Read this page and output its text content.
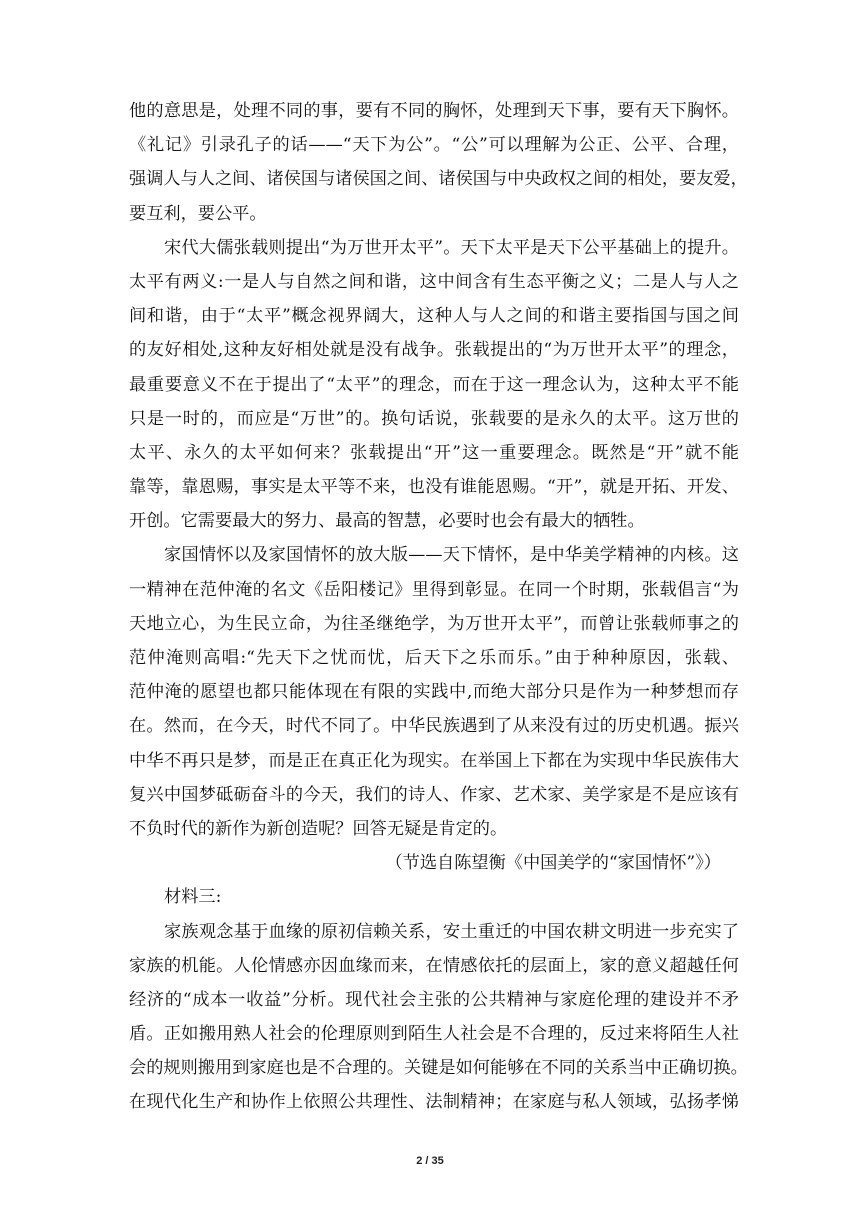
他的意思是，处理不同的事，要有不同的胸怀，处理到天下事，要有天下胸怀。
《礼记》引录孔子的话——“天下为公”。“公”可以理解为公正、公平、合理，
强调人与人之间、诸侯国与诸侯国之间、诸侯国与中央政权之间的相处，要友爱，
要互利，要公平。
宋代大儒张载则提出“为万世开太平”。天下太平是天下公平基础上的提升。
太平有两义:一是人与自然之间和谐，这中间含有生态平衡之义；二是人与人之
间和谐，由于“太平”概念视界阔大，这种人与人之间的和谐主要指国与国之间
的友好相处,这种友好相处就是没有战争。张载提出的“为万世开太平”的理念，
最重要意义不在于提出了“太平”的理念，而在于这一理念认为，这种太平不能
只是一时的，而应是“万世”的。换句话说，张载要的是永久的太平。这万世的
太平、永久的太平如何来？张载提出“开”这一重要理念。既然是“开”就不能
靠等，靠恩赐，事实是太平等不来，也没有谁能恩赐。“开”，就是开拓、开发、
开创。它需要最大的努力、最高的智慧，必要时也会有最大的牺牲。
家国情怀以及家国情怀的放大版——天下情怀，是中华美学精神的内核。这
一精神在范仲淹的名文《岳阳楼记》里得到彰显。在同一个时期，张载倡言“为
天地立心，为生民立命，为往圣继绝学，为万世开太平”，而曾让张载师事之的
范仲淹则高唱:“先天下之忧而忧，后天下之乐而乐。”由于种种原因，张载、
范仲淹的愿望也都只能体现在有限的实践中,而绝大部分只是作为一种梦想而存
在。然而，在今天，时代不同了。中华民族遇到了从来没有过的历史机遇。振兴
中华不再只是梦，而是正在真正化为现实。在举国上下都在为实现中华民族伟大
复兴中国梦砥砺奋斗的今天，我们的诗人、作家、艺术家、美学家是不是应该有
不负时代的新作为新创造呢？回答无疑是肯定的。
（节选自陈望衡《中国美学的“家国情怀”》）
材料三:
家族观念基于血缘的原初信赖关系，安土重迁的中国农耕文明进一步充实了
家族的机能。人伦情感亦因血缘而来，在情感依托的层面上，家的意义超越任何
经济的“成本一收益”分析。现代社会主张的公共精神与家庭伦理的建设并不矛
盾。正如搬用熟人社会的伦理原则到陌生人社会是不合理的，反过来将陌生人社
会的规则搬用到家庭也是不合理的。关键是如何能够在不同的关系当中正确切换。
在现代化生产和协作上依照公共理性、法制精神；在家庭与私人领域，弘扬孝悌
2 / 35
